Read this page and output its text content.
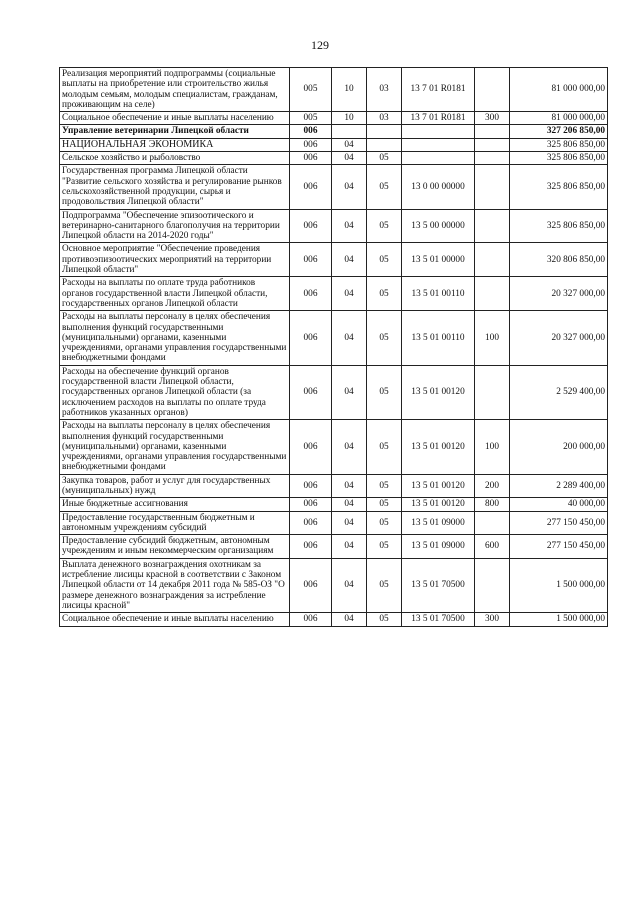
129
Реализация мероприятий подпрограммы (социальные выплаты на приобретение или строительство жилья молодым семьям, молодым специалистам, гражданам, проживающим на селе)	005	10	03	13 7 01 R0181		81 000 000,00
Социальное обеспечение и иные выплаты населению	005	10	03	13 7 01 R0181	300	81 000 000,00
Управление ветеринарии Липецкой области	006					327 206 850,00
НАЦИОНАЛЬНАЯ ЭКОНОМИКА	006	04				325 806 850,00
Сельское хозяйство и рыболовство	006	04	05			325 806 850,00
Государственная программа Липецкой области "Развитие сельского хозяйства и регулирование рынков сельскохозяйственной продукции, сырья и продовольствия Липецкой области"	006	04	05	13 0 00 00000		325 806 850,00
Подпрограмма "Обеспечение эпизоотического и ветеринарно-санитарного благополучия на территории Липецкой области на 2014-2020 годы"	006	04	05	13 5 00 00000		325 806 850,00
Основное мероприятие "Обеспечение проведения противоэпизоотических мероприятий на территории Липецкой области"	006	04	05	13 5 01 00000		320 806 850,00
Расходы на выплаты по оплате труда работников органов государственной власти Липецкой области, государственных органов Липецкой области	006	04	05	13 5 01 00110		20 327 000,00
Расходы на выплаты персоналу в целях обеспечения выполнения функций государственными (муниципальными) органами, казенными учреждениями, органами управления государственными внебюджетными фондами	006	04	05	13 5 01 00110	100	20 327 000,00
Расходы на обеспечение функций органов государственной власти Липецкой области, государственных органов Липецкой области (за исключением расходов на выплаты по оплате труда работников указанных органов)	006	04	05	13 5 01 00120		2 529 400,00
Расходы на выплаты персоналу в целях обеспечения выполнения функций государственными (муниципальными) органами, казенными учреждениями, органами управления государственными внебюджетными фондами	006	04	05	13 5 01 00120	100	200 000,00
Закупка товаров, работ и услуг для государственных (муниципальных) нужд	006	04	05	13 5 01 00120	200	2 289 400,00
Иные бюджетные ассигнования	006	04	05	13 5 01 00120	800	40 000,00
Предоставление государственным бюджетным и автономным учреждениям субсидий	006	04	05	13 5 01 09000		277 150 450,00
Предоставление субсидий бюджетным, автономным учреждениям и иным некоммерческим организациям	006	04	05	13 5 01 09000	600	277 150 450,00
Выплата денежного вознаграждения охотникам за истребление лисицы красной в соответствии с Законом Липецкой области от 14 декабря 2011 года № 585-ОЗ "О размере денежного вознаграждения за истребление лисицы красной"	006	04	05	13 5 01 70500		1 500 000,00
Социальное обеспечение и иные выплаты населению	006	04	05	13 5 01 70500	300	1 500 000,00
